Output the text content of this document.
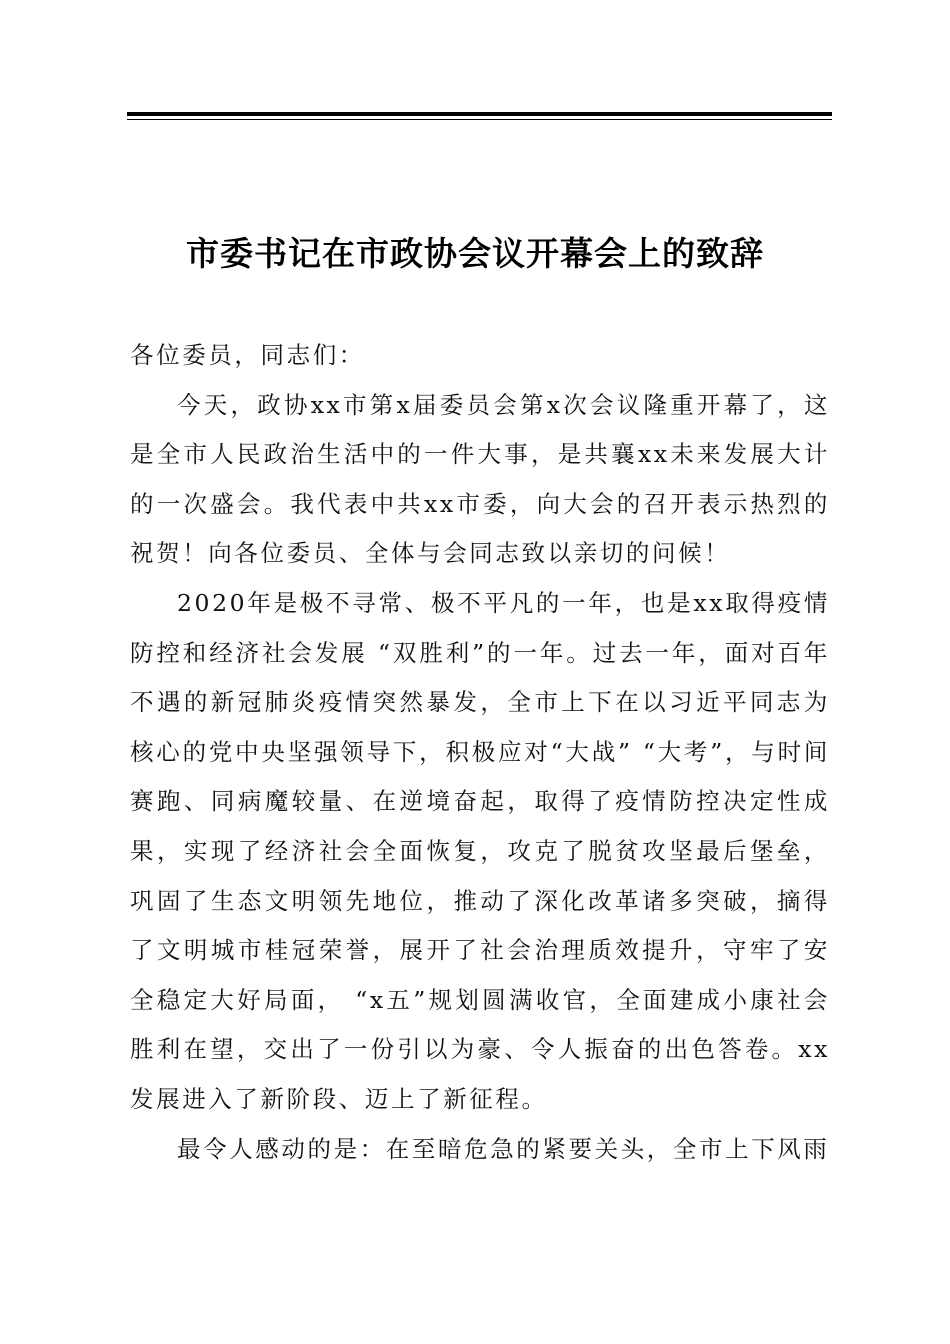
市委书记在市政协会议开幕会上的致辞

各位委员，同志们：

今天，政协xx市第x届委员会第x次会议隆重开幕了，这是全市人民政治生活中的一件大事，是共襄xx未来发展大计的一次盛会。我代表中共xx市委，向大会的召开表示热烈的祝贺！向各位委员、全体与会同志致以亲切的问候！

2020年是极不寻常、极不平凡的一年，也是xx取得疫情防控和经济社会发展 “双胜利”的一年。过去一年，面对百年不遇的新冠肺炎疫情突然暴发，全市上下在以习近平同志为核心的党中央坚强领导下，积极应对“大战” “大考”，与时间赛跑、同病魔较量、在逆境奋起，取得了疫情防控决定性成果，实现了经济社会全面恢复，攻克了脱贫攻坚最后堡垒，巩固了生态文明领先地位，推动了深化改革诸多突破，摘得了文明城市桂冠荣誉，展开了社会治理质效提升，守牢了安全稳定大好局面， “x五”规划圆满收官，全面建成小康社会胜利在望，交出了一份引以为豪、令人振奋的出色答卷。xx发展进入了新阶段、迈上了新征程。

最令人感动的是：在至暗危急的紧要关头，全市上下风雨
